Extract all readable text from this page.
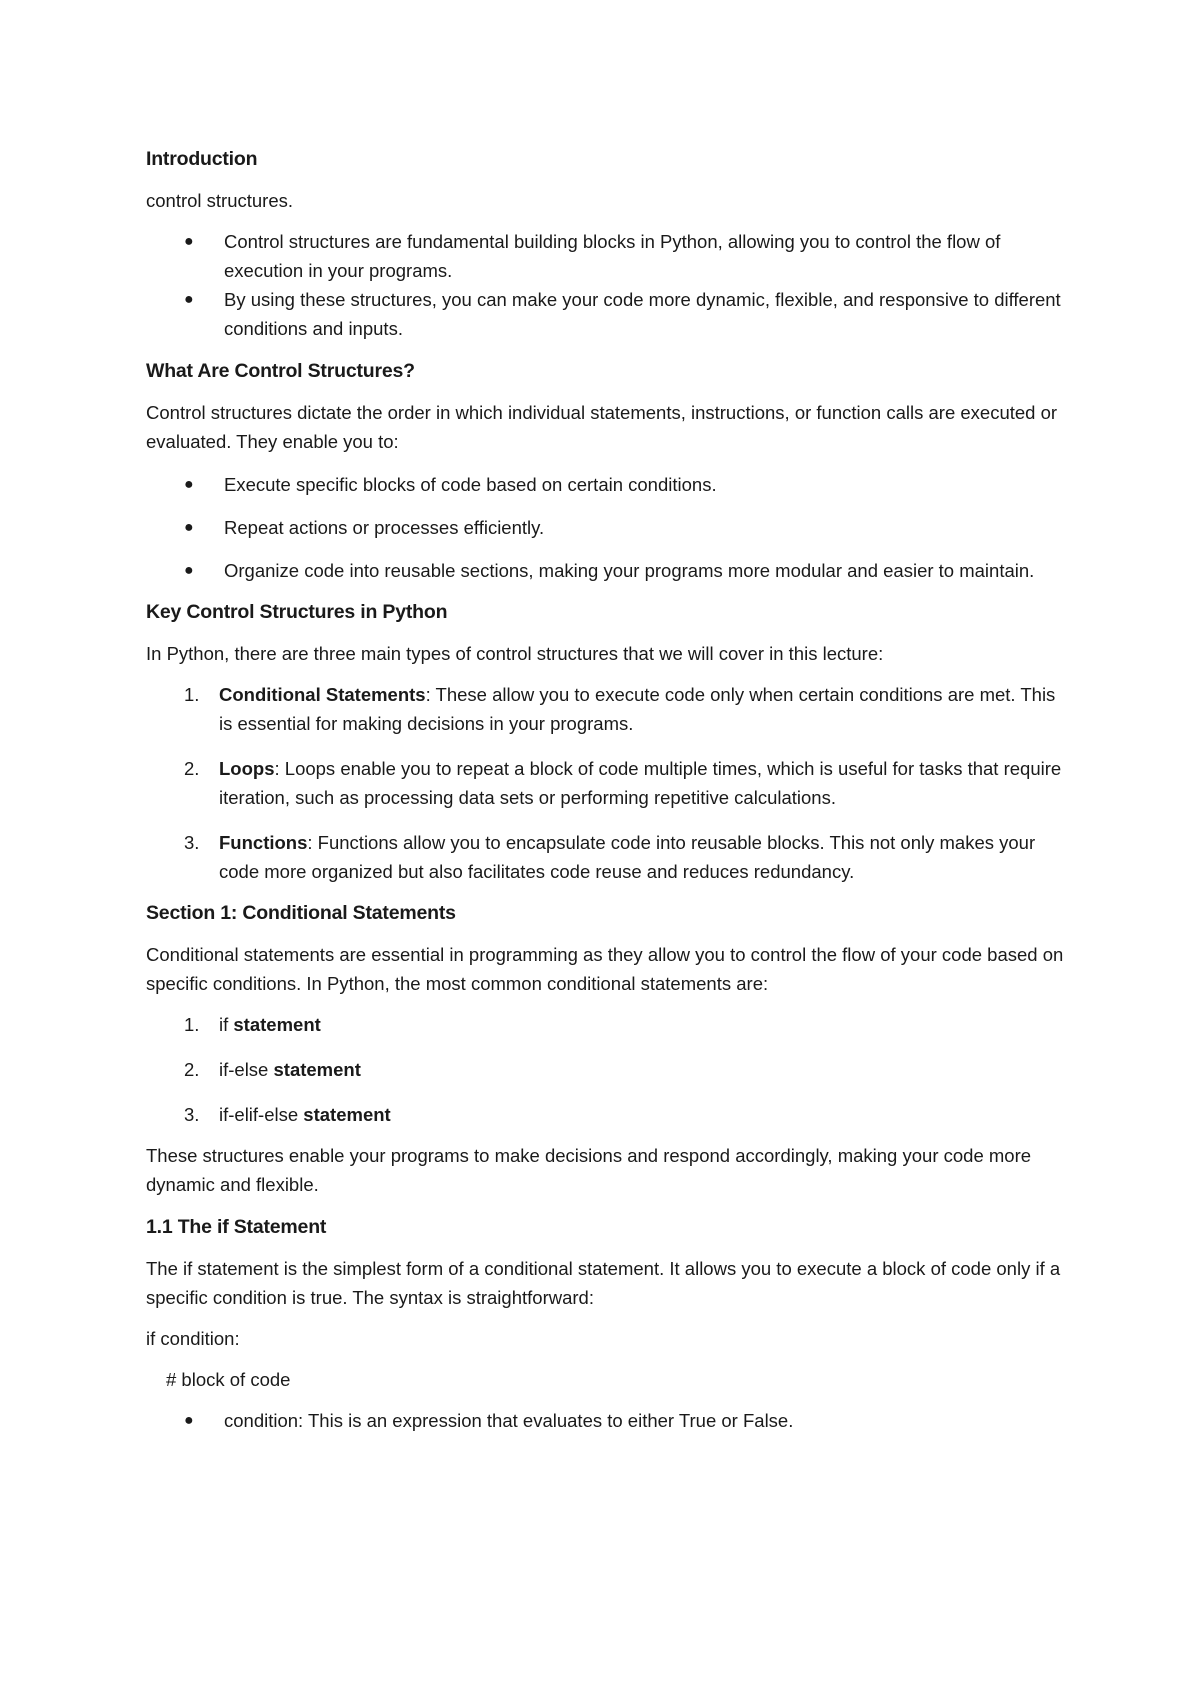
Introduction

control structures.

● Control structures are fundamental building blocks in Python, allowing you to control the flow of execution in your programs.
● By using these structures, you can make your code more dynamic, flexible, and responsive to different conditions and inputs.
What Are Control Structures?

Control structures dictate the order in which individual statements, instructions, or function calls are executed or evaluated. They enable you to:

● Execute specific blocks of code based on certain conditions.
● Repeat actions or processes efficiently.
● Organize code into reusable sections, making your programs more modular and easier to maintain.
Key Control Structures in Python

In Python, there are three main types of control structures that we will cover in this lecture:

1. Conditional Statements: These allow you to execute code only when certain conditions are met. This is essential for making decisions in your programs.
2. Loops: Loops enable you to repeat a block of code multiple times, which is useful for tasks that require iteration, such as processing data sets or performing repetitive calculations.
3. Functions: Functions allow you to encapsulate code into reusable blocks. This not only makes your code more organized but also facilitates code reuse and reduces redundancy.
Section 1: Conditional Statements

Conditional statements are essential in programming as they allow you to control the flow of your code based on specific conditions. In Python, the most common conditional statements are:

1. if statement
2. if-else statement
3. if-elif-else statement

These structures enable your programs to make decisions and respond accordingly, making your code more dynamic and flexible.

1.1 The if Statement

The if statement is the simplest form of a conditional statement. It allows you to execute a block of code only if a specific condition is true. The syntax is straightforward:

if condition:

# block of code

● condition: This is an expression that evaluates to either True or False.
